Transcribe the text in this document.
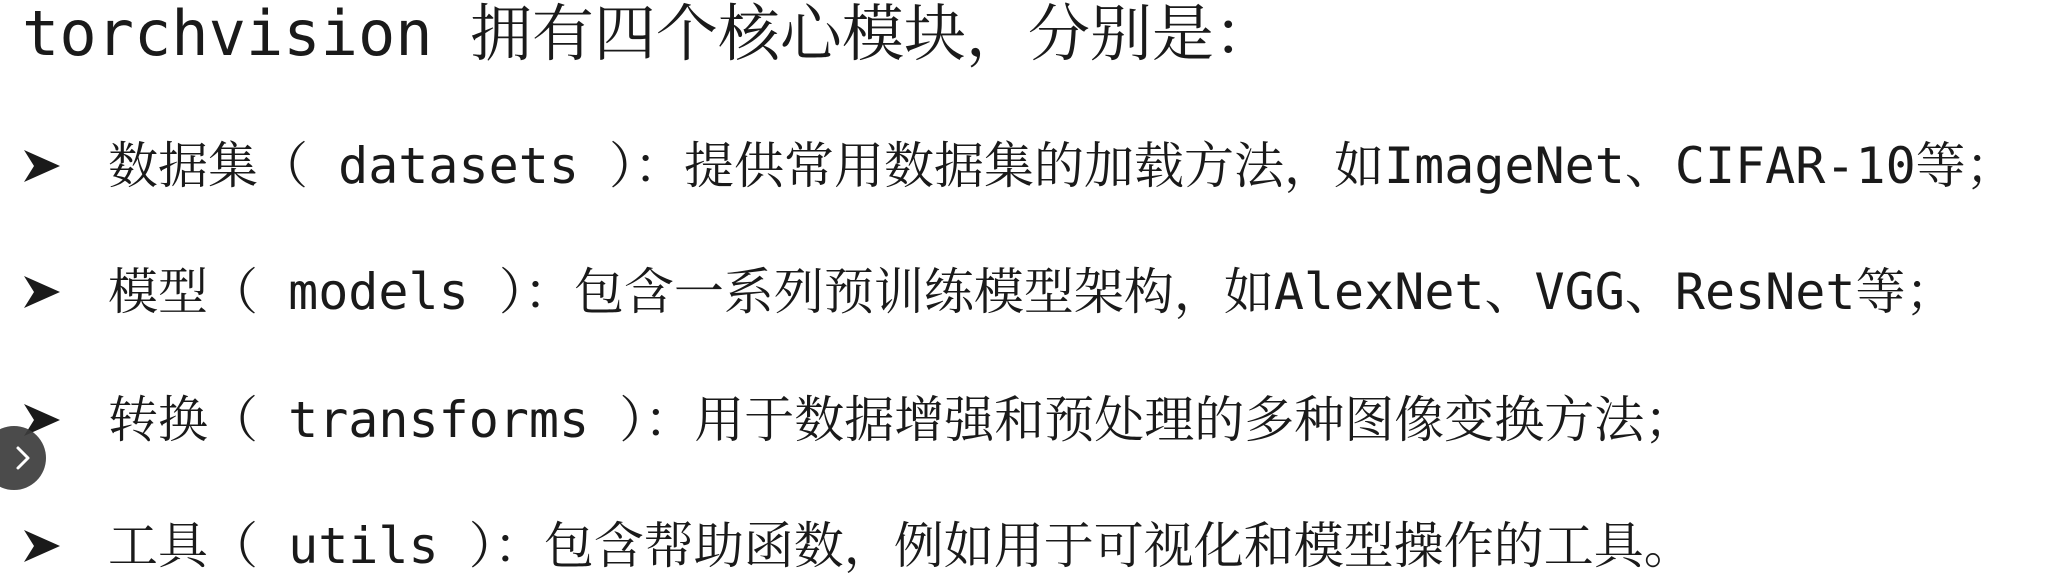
torchvision 拥有四个核心模块，分别是：
数据集（ datasets ）：提供常用数据集的加载方法，如ImageNet、CIFAR-10等；
模型（ models ）：包含一系列预训练模型架构，如AlexNet、VGG、ResNet等；
转换（ transforms ）：用于数据增强和预处理的多种图像变换方法；
工具（ utils ）：包含帮助函数，例如用于可视化和模型操作的工具。
